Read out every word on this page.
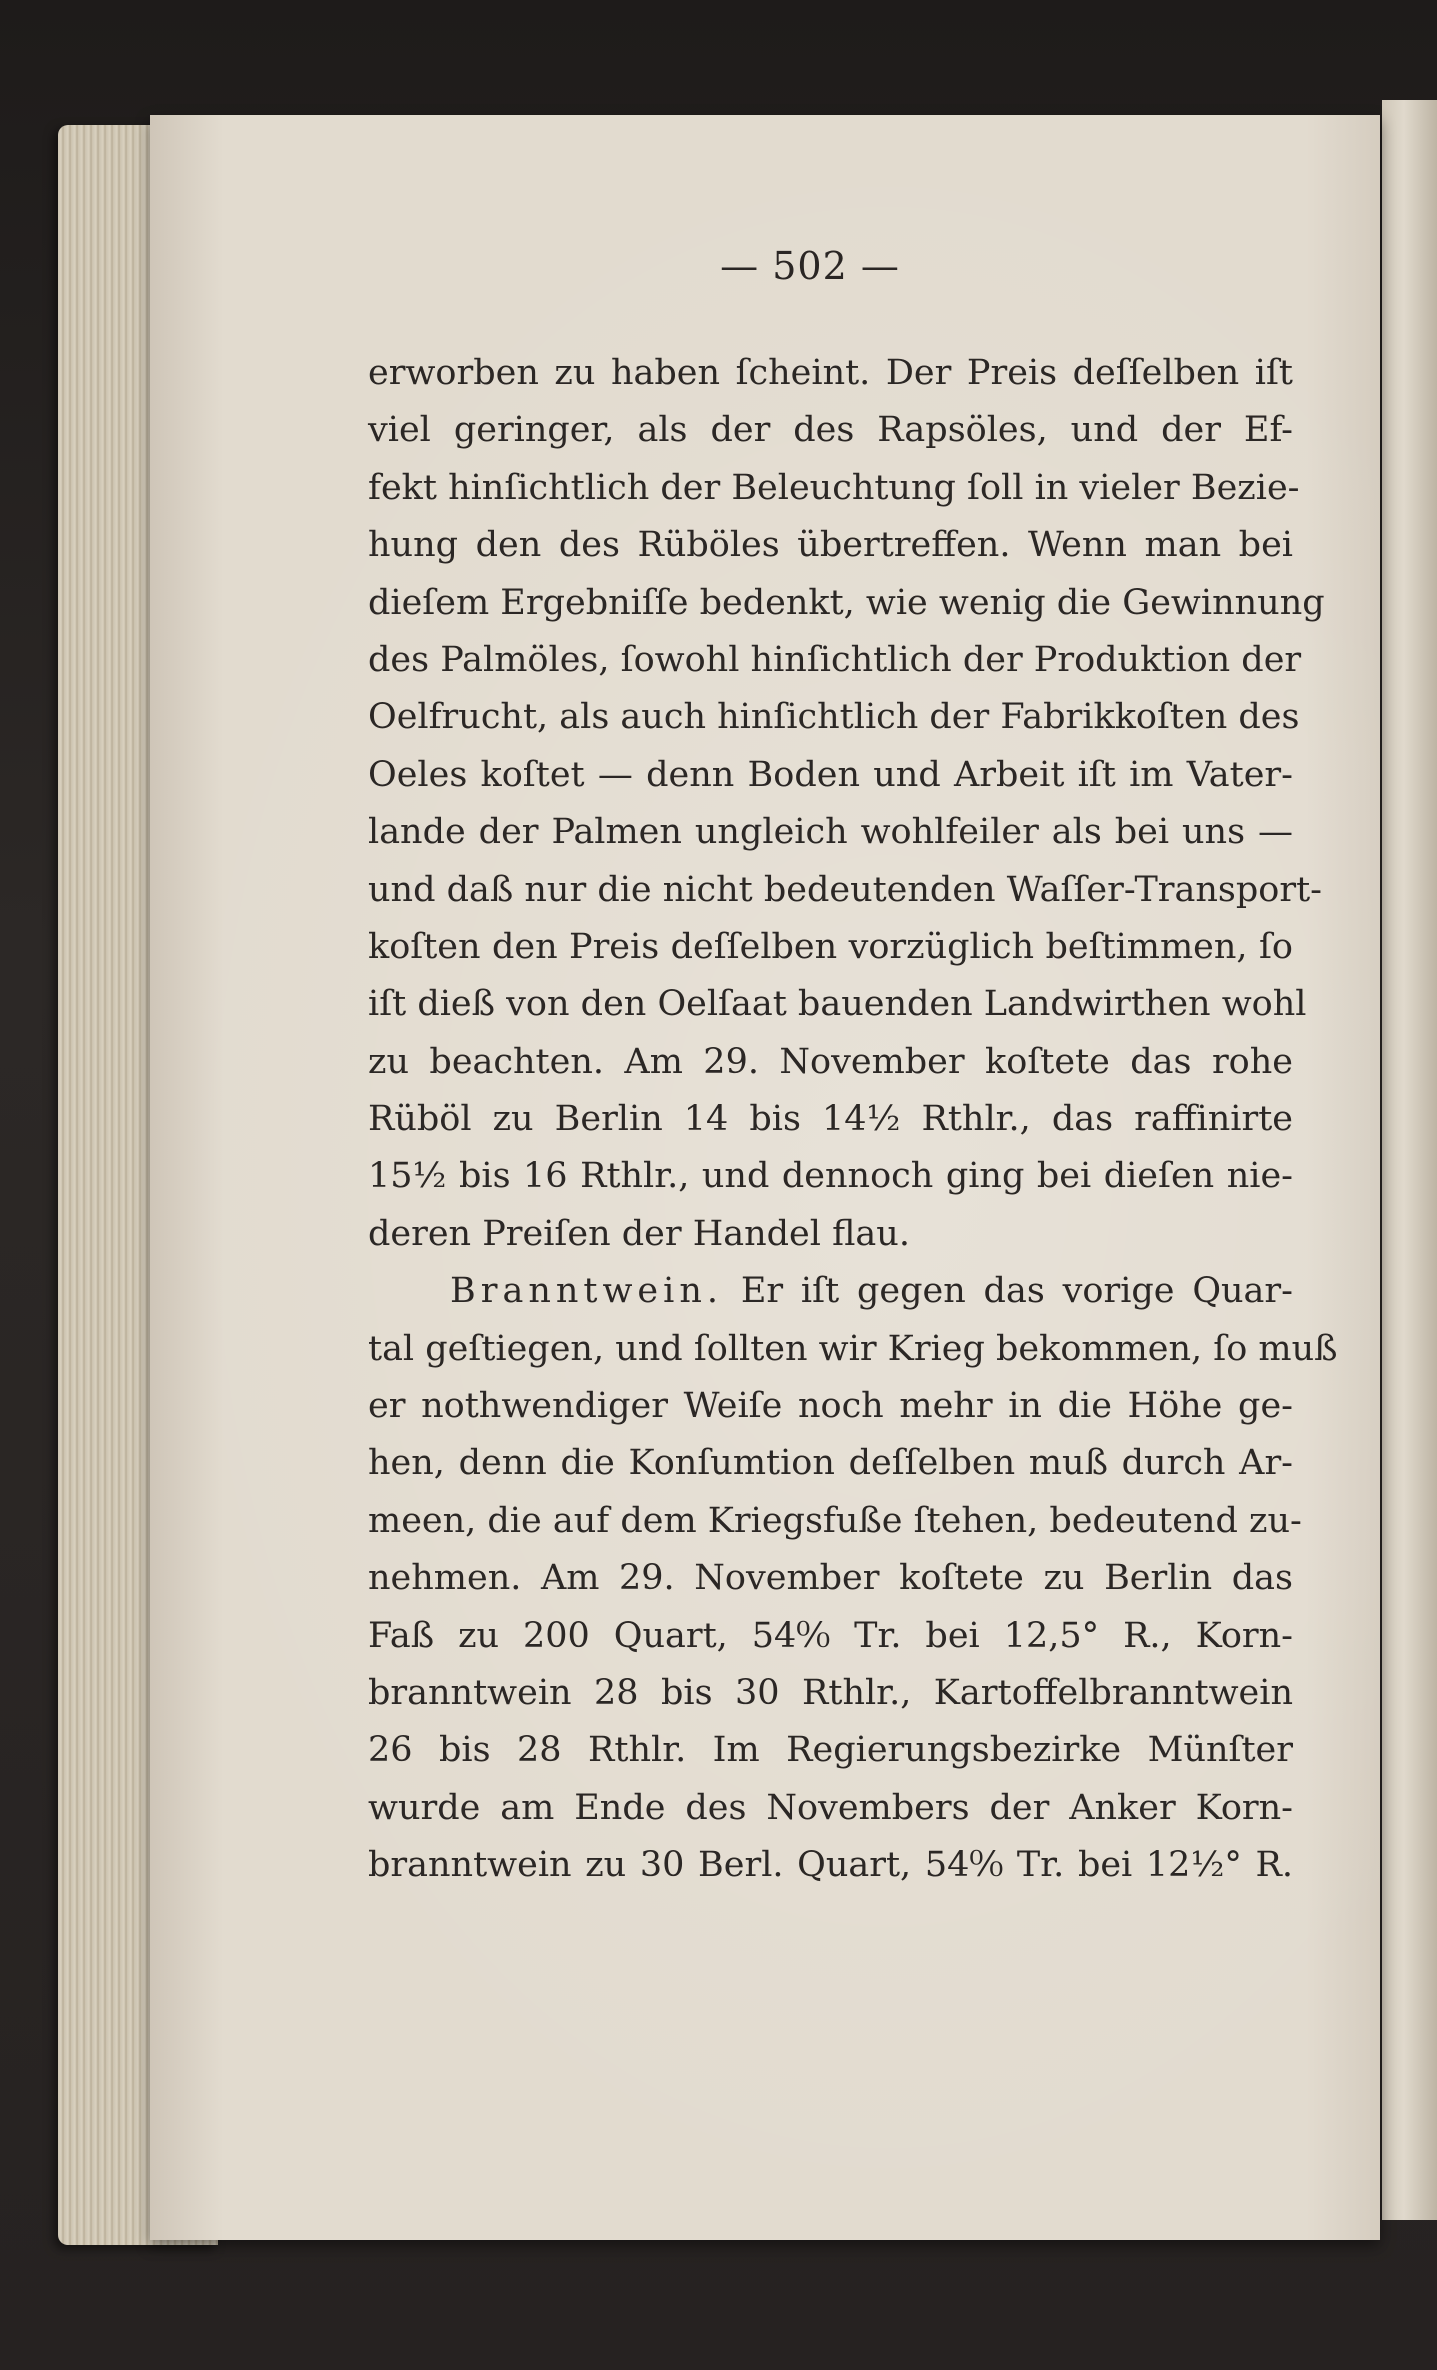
— 502 —
erworben zu haben ſcheint. Der Preis deſſelben iſt
viel geringer, als der des Rapsöles, und der Ef-
fekt hinſichtlich der Beleuchtung ſoll in vieler Bezie-
hung den des Rüböles übertreffen. Wenn man bei
dieſem Ergebniſſe bedenkt, wie wenig die Gewinnung
des Palmöles, ſowohl hinſichtlich der Produktion der
Oelfrucht, als auch hinſichtlich der Fabrikkoſten des
Oeles koſtet — denn Boden und Arbeit iſt im Vater-
lande der Palmen ungleich wohlfeiler als bei uns —
und daß nur die nicht bedeutenden Waſſer-Transport-
koſten den Preis deſſelben vorzüglich beſtimmen, ſo
iſt dieß von den Oelſaat bauenden Landwirthen wohl
zu beachten. Am 29. November koſtete das rohe
Rüböl zu Berlin 14 bis 14½ Rthlr., das raffinirte
15½ bis 16 Rthlr., und dennoch ging bei dieſen nie-
deren Preiſen der Handel flau.
Branntwein. Er iſt gegen das vorige Quar-
tal geſtiegen, und ſollten wir Krieg bekommen, ſo muß
er nothwendiger Weiſe noch mehr in die Höhe ge-
hen, denn die Konſumtion deſſelben muß durch Ar-
meen, die auf dem Kriegsfuße ſtehen, bedeutend zu-
nehmen. Am 29. November koſtete zu Berlin das
Faß zu 200 Quart, 54⁰⁄₀ Tr. bei 12,5° R., Korn-
branntwein 28 bis 30 Rthlr., Kartoffelbranntwein
26 bis 28 Rthlr. Im Regierungsbezirke Münſter
wurde am Ende des Novembers der Anker Korn-
branntwein zu 30 Berl. Quart, 54⁰⁄₀ Tr. bei 12½° R.
